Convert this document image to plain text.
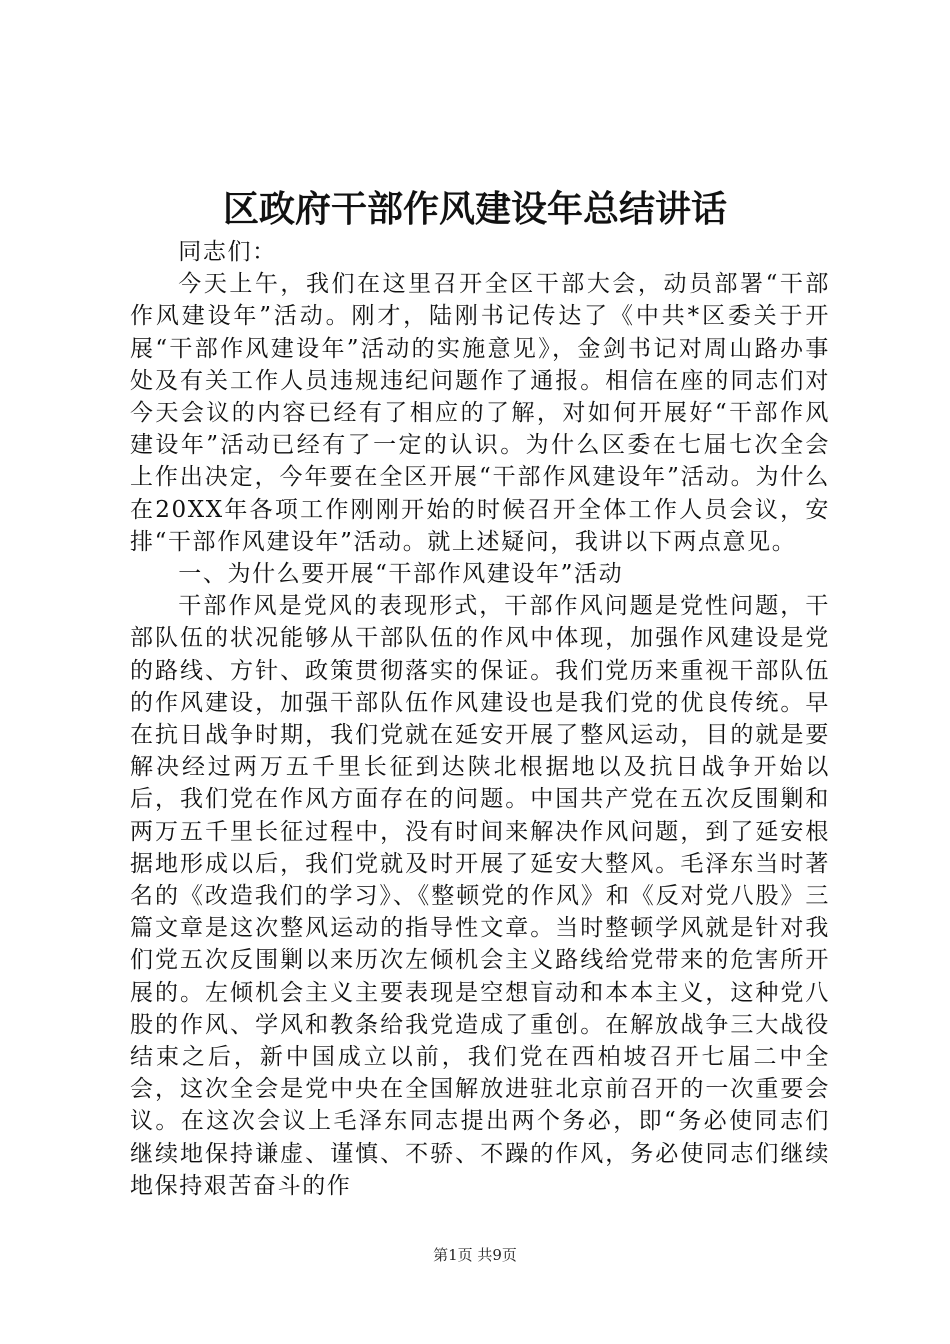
区政府干部作风建设年总结讲话

同志们：

今天上午，我们在这里召开全区干部大会，动员部署“干部作风建设年”活动。刚才，陆刚书记传达了《中共*区委关于开展“干部作风建设年”活动的实施意见》，金剑书记对周山路办事处及有关工作人员违规违纪问题作了通报。相信在座的同志们对今天会议的内容已经有了相应的了解，对如何开展好“干部作风建设年”活动已经有了一定的认识。为什么区委在七届七次全会上作出决定，今年要在全区开展“干部作风建设年”活动。为什么在20XX年各项工作刚刚开始的时候召开全体工作人员会议，安排“干部作风建设年”活动。就上述疑问，我讲以下两点意见。

一、为什么要开展“干部作风建设年”活动

干部作风是党风的表现形式，干部作风问题是党性问题，干部队伍的状况能够从干部队伍的作风中体现，加强作风建设是党的路线、方针、政策贯彻落实的保证。我们党历来重视干部队伍的作风建设，加强干部队伍作风建设也是我们党的优良传统。早在抗日战争时期，我们党就在延安开展了整风运动，目的就是要解决经过两万五千里长征到达陕北根据地以及抗日战争开始以后，我们党在作风方面存在的问题。中国共产党在五次反围剿和两万五千里长征过程中，没有时间来解决作风问题，到了延安根据地形成以后，我们党就及时开展了延安大整风。毛泽东当时著名的《改造我们的学习》、《整顿党的作风》和《反对党八股》三篇文章是这次整风运动的指导性文章。当时整顿学风就是针对我们党五次反围剿以来历次左倾机会主义路线给党带来的危害所开展的。左倾机会主义主要表现是空想盲动和本本主义，这种党八股的作风、学风和教条给我党造成了重创。在解放战争三大战役结束之后，新中国成立以前，我们党在西柏坡召开七届二中全会，这次全会是党中央在全国解放进驻北京前召开的一次重要会议。在这次会议上毛泽东同志提出两个务必，即“务必使同志们继续地保持谦虚、谨慎、不骄、不躁的作风，务必使同志们继续地保持艰苦奋斗的作

第1页 共9页
